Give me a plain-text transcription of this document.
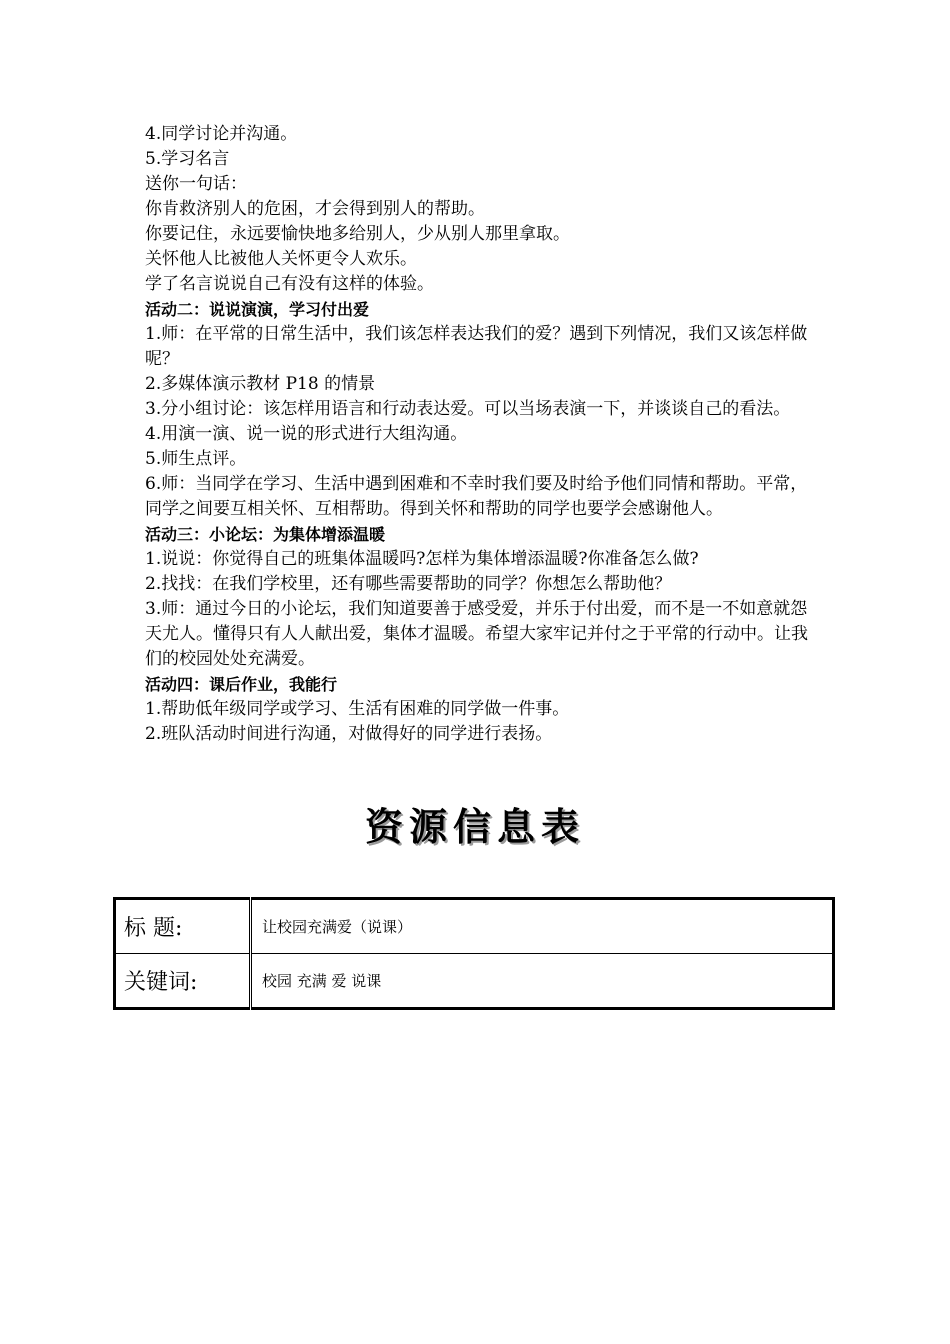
4.同学讨论并沟通。

5.学习名言

送你一句话：

你肯救济别人的危困，才会得到别人的帮助。

你要记住，永远要愉快地多给别人，少从别人那里拿取。

关怀他人比被他人关怀更令人欢乐。

学了名言说说自己有没有这样的体验。

活动二：说说演演，学习付出爱

1.师：在平常的日常生活中，我们该怎样表达我们的爱？遇到下列情况，我们又该怎样做呢？

2.多媒体演示教材 P18 的情景

3.分小组讨论：该怎样用语言和行动表达爱。可以当场表演一下，并谈谈自己的看法。

4.用演一演、说一说的形式进行大组沟通。

5.师生点评。

6.师：当同学在学习、生活中遇到困难和不幸时我们要及时给予他们同情和帮助。平常，同学之间要互相关怀、互相帮助。得到关怀和帮助的同学也要学会感谢他人。

活动三：小论坛：为集体增添温暖

1.说说：你觉得自己的班集体温暖吗?怎样为集体增添温暖?你准备怎么做?

2.找找：在我们学校里，还有哪些需要帮助的同学？你想怎么帮助他？

3.师：通过今日的小论坛，我们知道要善于感受爱，并乐于付出爱，而不是一不如意就怨天尤人。懂得只有人人献出爱，集体才温暖。希望大家牢记并付之于平常的行动中。让我们的校园处处充满爱。

活动四：课后作业，我能行

1.帮助低年级同学或学习、生活有困难的同学做一件事。

2.班队活动时间进行沟通，对做得好的同学进行表扬。

资源信息表
标 题:	让校园充满爱（说课）
关键词:	校园 充满 爱 说课
